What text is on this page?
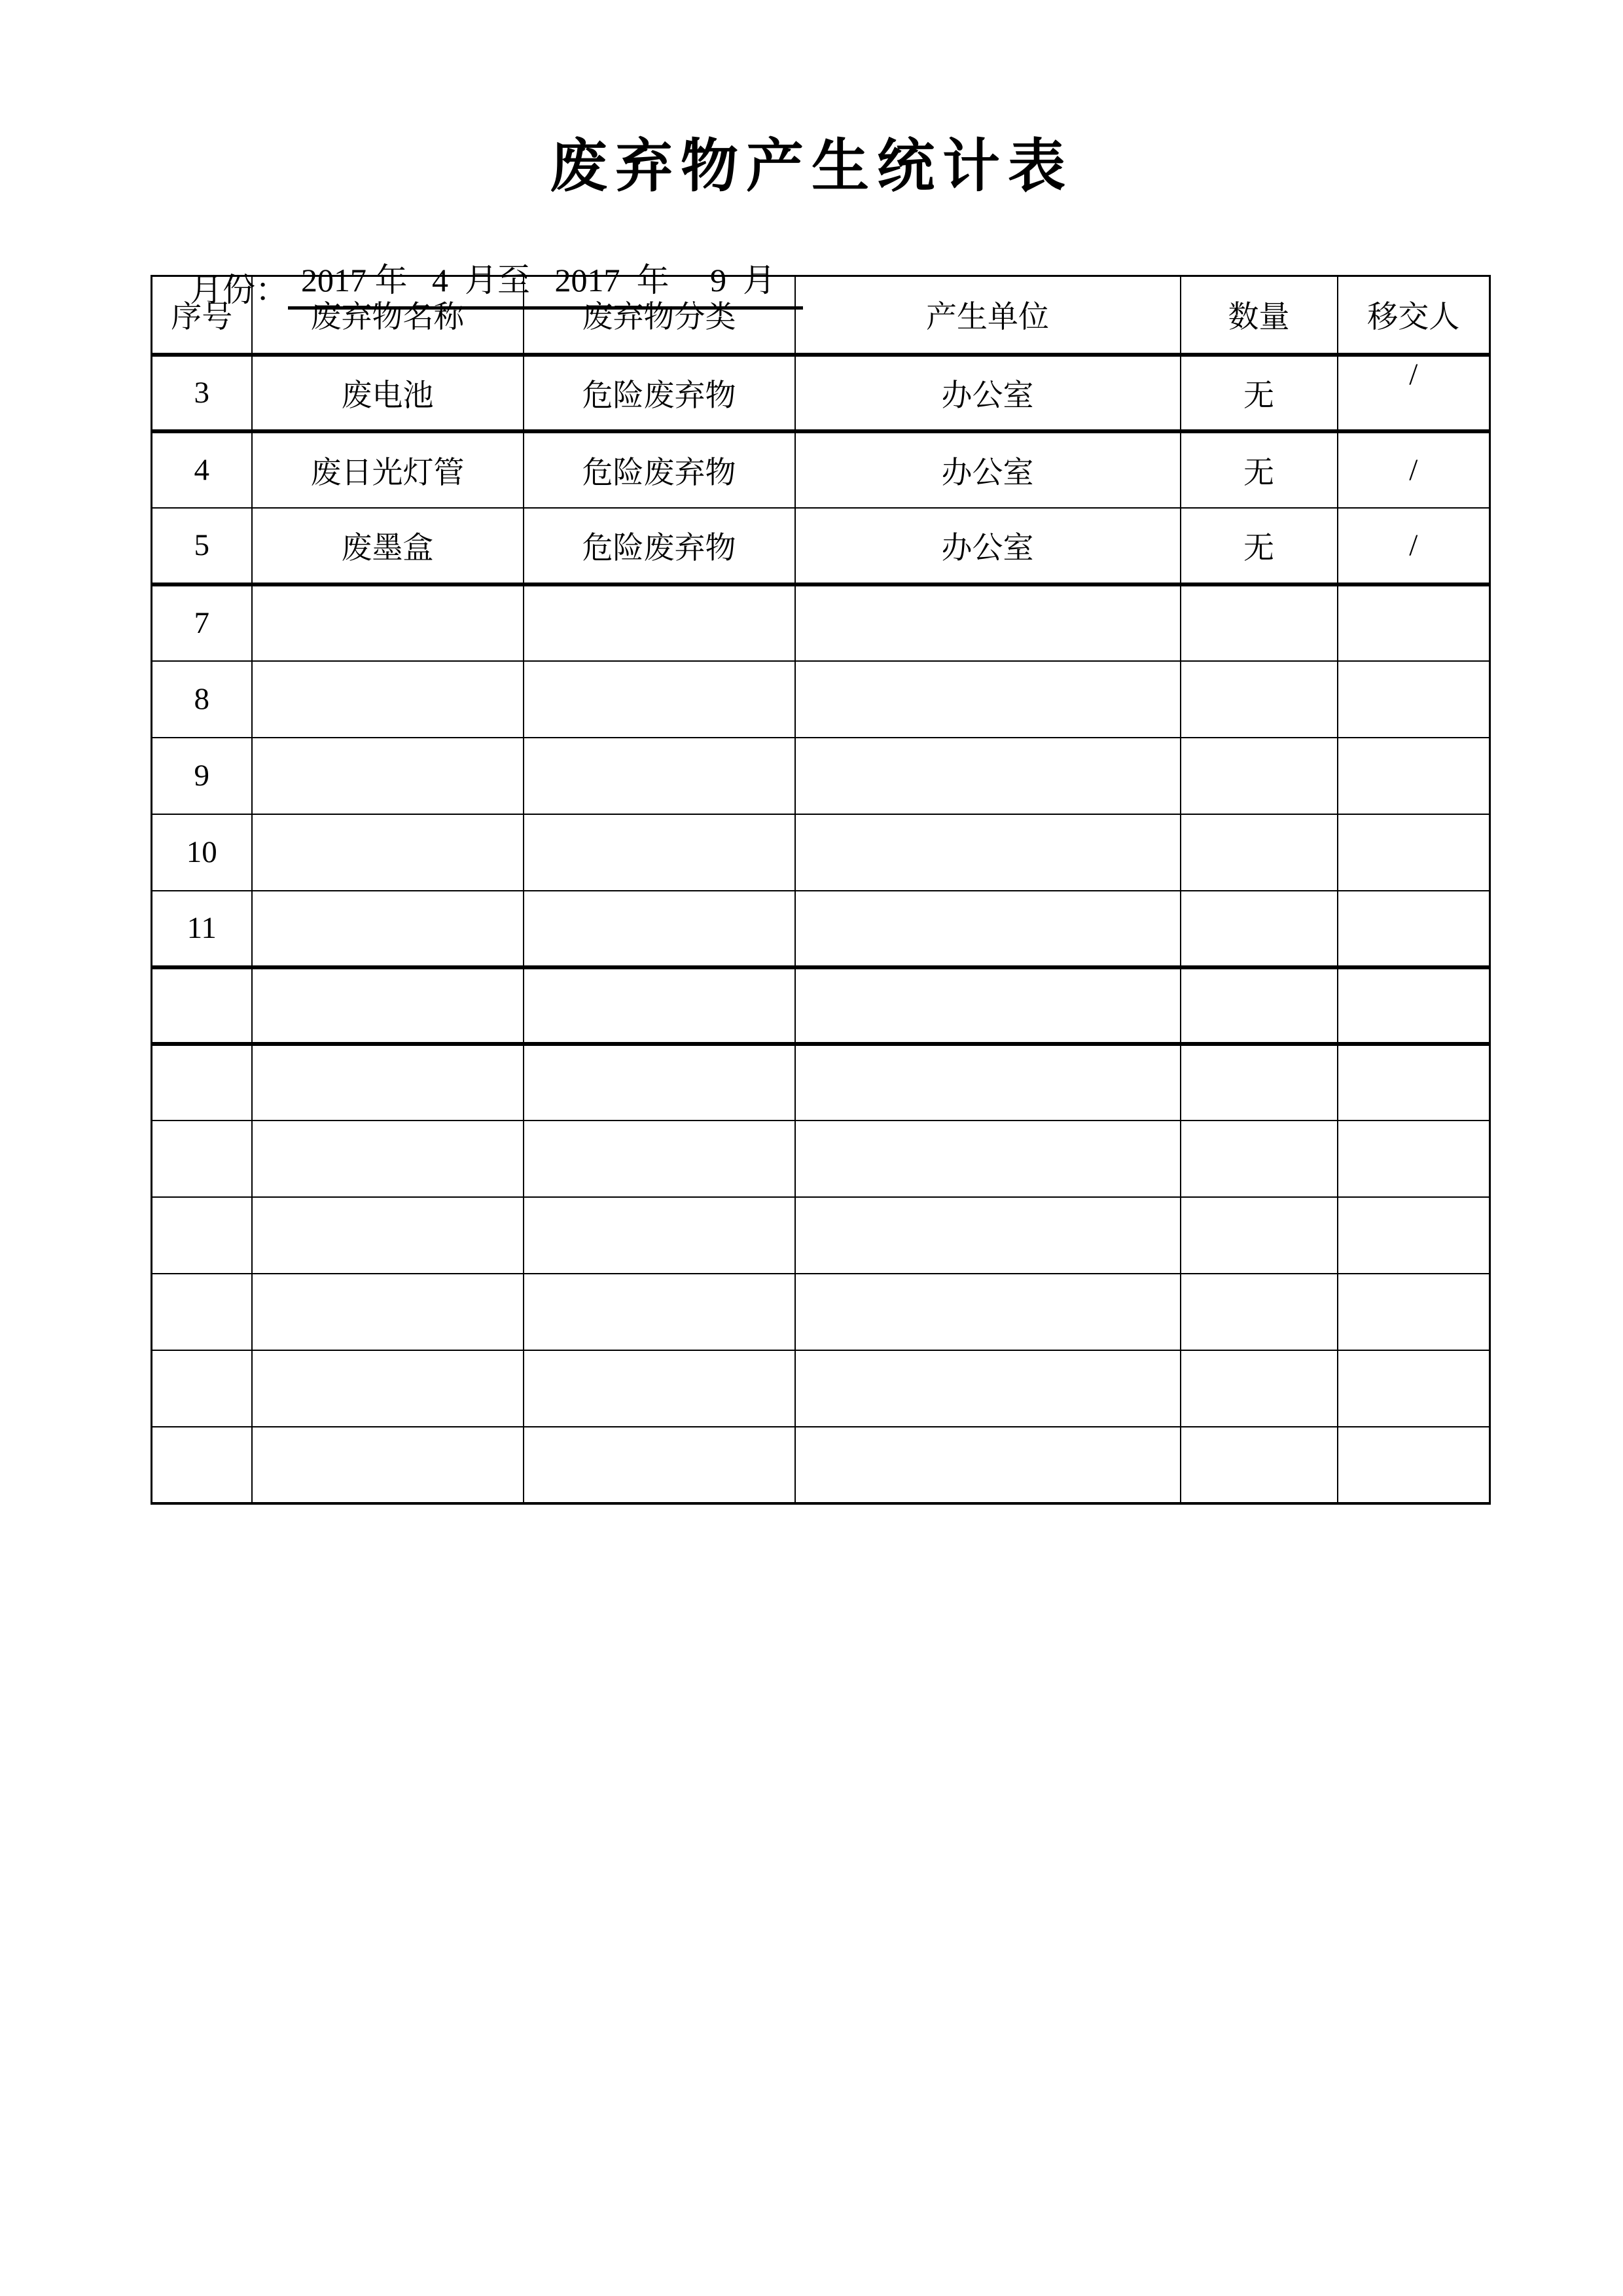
废弃物产生统计表

月份： 2017 年   4  月至   2017  年     9  月

序号	废弃物名称	废弃物分类	产生单位	数量	移交人
3	废电池	危险废弃物	办公室	无	/
4	废日光灯管	危险废弃物	办公室	无	/
5	废墨盒	危险废弃物	办公室	无	/
7					
8					
9					
10					
11					
